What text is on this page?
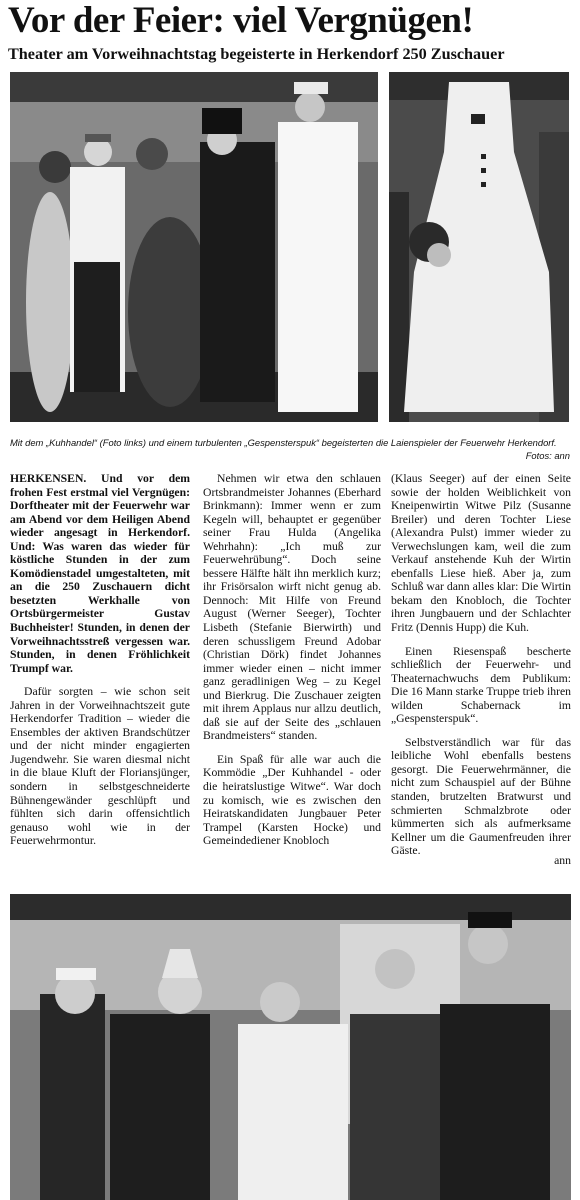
Vor der Feier: viel Vergnügen!
Theater am Vorweihnachtstag begeisterte in Herkendorf 250 Zuschauer
Mit dem „Kuhhandel“ (Foto links) und einem turbulenten „Gespensterspuk“ begeisterten die Laienspieler der Feuerwehr Herkendorf.
Fotos: ann

HERKENSEN. Und vor dem frohen Fest erstmal viel Vergnügen: Dorftheater mit der Feuerwehr war am Abend vor dem Heiligen Abend wieder angesagt in Herkendorf. Und: Was waren das wieder für köstliche Stunden in der zum Komödienstadel umgestalteten, mit an die 250 Zuschauern dicht besetzten Werkhalle von Ortsbürgermeister Gustav Buchheister! Stunden, in denen der Vorweihnachtsstreß vergessen war. Stunden, in denen Fröhlichkeit Trumpf war.

Dafür sorgten – wie schon seit Jahren in der Vorweihnachtszeit gute Herkendorfer Tradition – wieder die Ensembles der aktiven Brandschützer und der nicht minder engagierten Jugendwehr. Sie waren diesmal nicht in die blaue Kluft der Floriansjünger, sondern in selbstgeschneiderte Bühnengewänder geschlüpft und fühlten sich darin offensichtlich genauso wohl wie in der Feuerwehrmontur.

Nehmen wir etwa den schlauen Ortsbrandmeister Johannes (Eberhard Brinkmann): Immer wenn er zum Kegeln will, behauptet er gegenüber seiner Frau Hulda (Angelika Wehrhahn): „Ich muß zur Feuerwehrübung“. Doch seine bessere Hälfte hält ihn merklich kurz; ihr Frisörsalon wirft nicht genug ab. Dennoch: Mit Hilfe von Freund August (Werner Seeger), Tochter Lisbeth (Stefanie Bierwirth) und deren schussligem Freund Adobar (Christian Dörk) findet Johannes immer wieder einen – nicht immer ganz geradlinigen Weg – zu Kegel und Bierkrug. Die Zuschauer zeigten mit ihrem Applaus nur allzu deutlich, daß sie auf der Seite des „schlauen Brandmeisters“ standen.

Ein Spaß für alle war auch die Kommödie „Der Kuhhandel - oder die heiratslustige Witwe“. War doch zu komisch, wie es zwischen den Heiratskandidaten Jungbauer Peter Trampel (Karsten Hocke) und Gemeindediener Knobloch

(Klaus Seeger) auf der einen Seite sowie der holden Weiblichkeit von Kneipenwirtin Witwe Pilz (Susanne Breiler) und deren Tochter Liese (Alexandra Pulst) immer wieder zu Verwechslungen kam, weil die zum Verkauf anstehende Kuh der Wirtin ebenfalls Liese hieß. Aber ja, zum Schluß war dann alles klar: Die Wirtin bekam den Knobloch, die Tochter ihren Jungbauern und der Schlachter Fritz (Dennis Hupp) die Kuh.

Einen Riesenspaß bescherte schließlich der Feuerwehr- und Theaternachwuchs dem Publikum: Die 16 Mann starke Truppe trieb ihren wilden Schabernack im „Gespensterspuk“.

Selbstverständlich war für das leibliche Wohl ebenfalls bestens gesorgt. Die Feuerwehrmänner, die nicht zum Schauspiel auf der Bühne standen, brutzelten Bratwurst und schmierten Schmalzbrote oder kümmerten sich als aufmerksame Kellner um die Gaumenfreuden ihrer Gäste.

ann
